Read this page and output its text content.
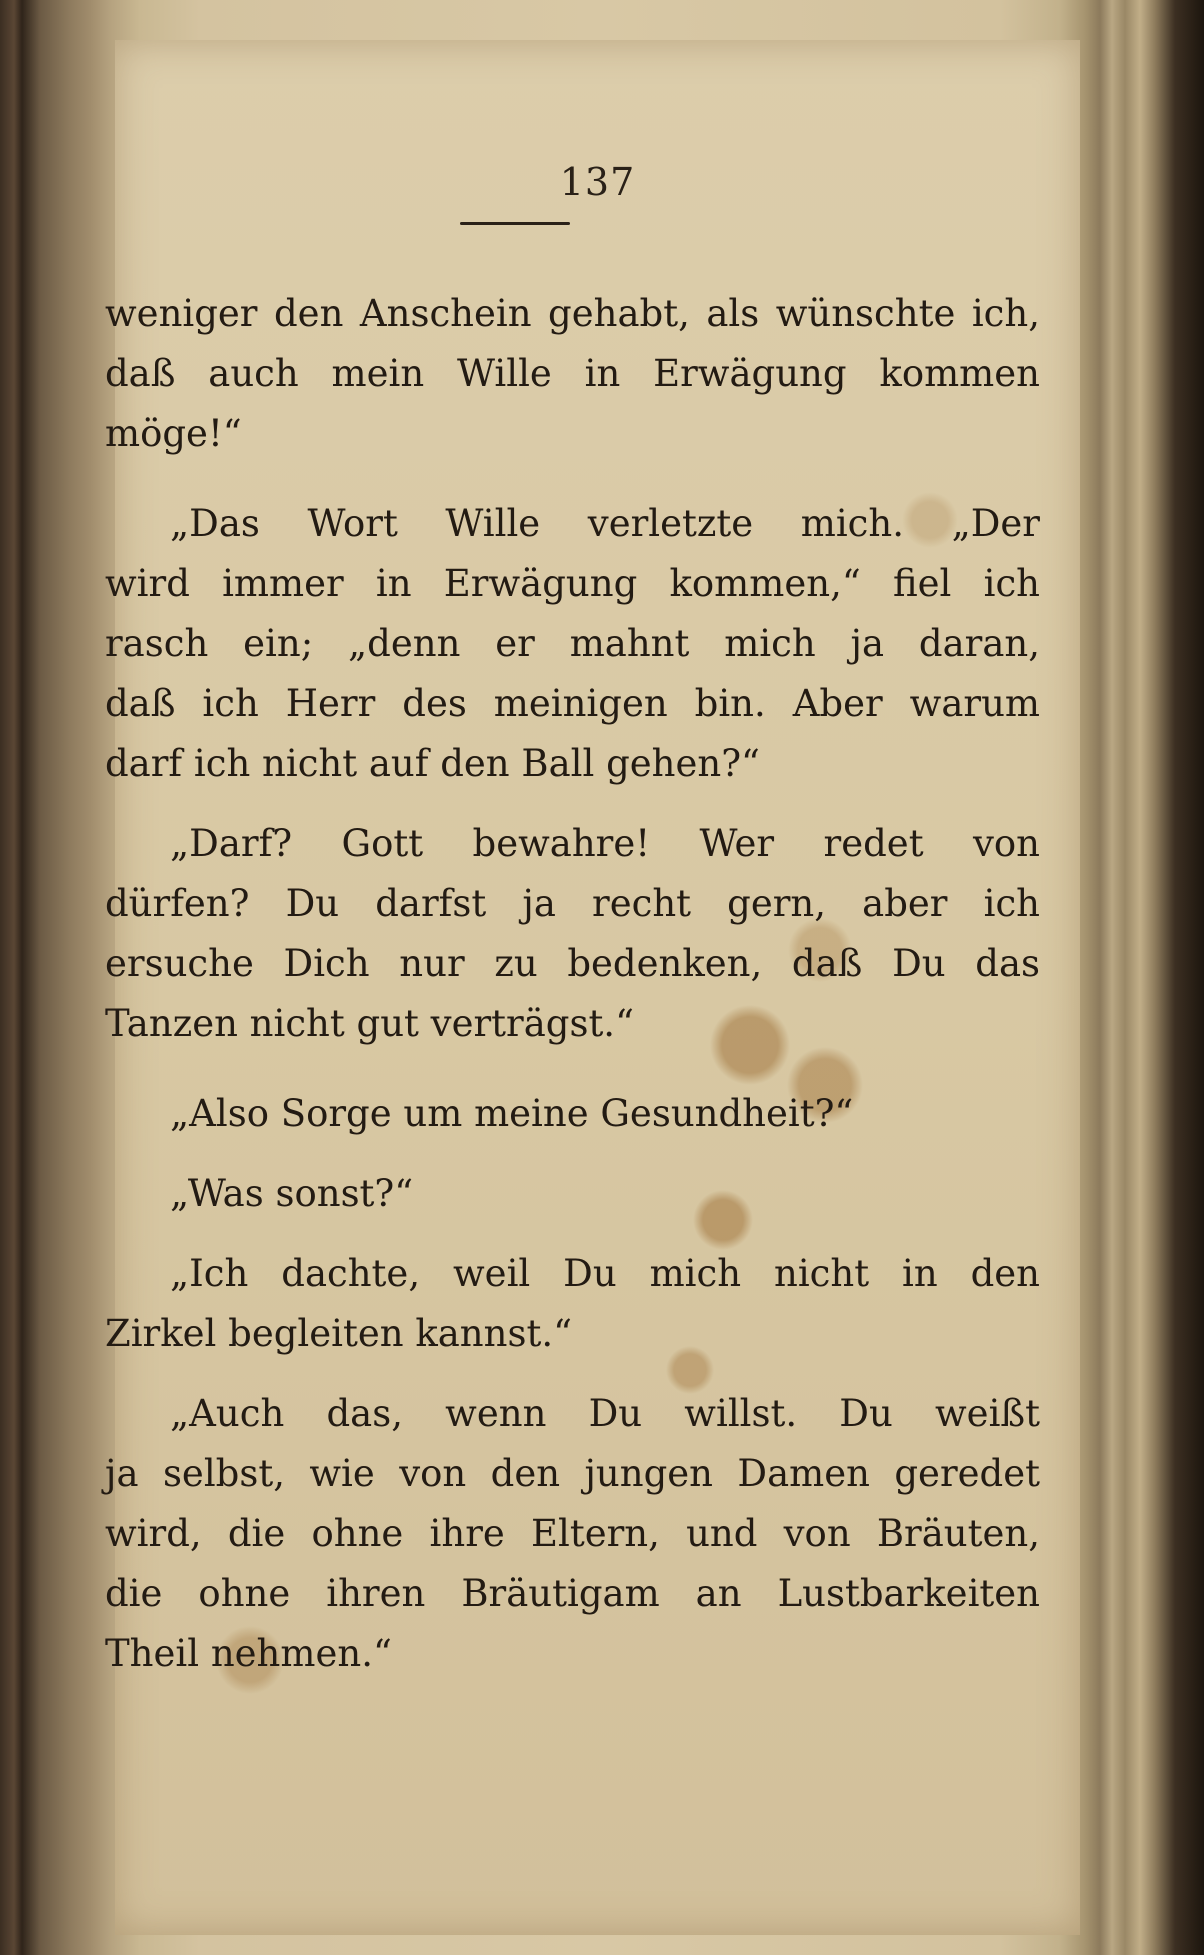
137
weniger den Anschein gehabt, als wünschte ich,
daß auch mein Wille in Erwägung kommen
möge!“
„Das Wort Wille verletzte mich. „Der
wird immer in Erwägung kommen,“ fiel ich
rasch ein; „denn er mahnt mich ja daran,
daß ich Herr des meinigen bin. Aber warum
darf ich nicht auf den Ball gehen?“
„Darf? Gott bewahre! Wer redet von
dürfen? Du darfst ja recht gern, aber ich
ersuche Dich nur zu bedenken, daß Du das
Tanzen nicht gut verträgst.“
„Also Sorge um meine Gesundheit?“
„Was sonst?“
„Ich dachte, weil Du mich nicht in den
Zirkel begleiten kannst.“
„Auch das, wenn Du willst. Du weißt
ja selbst, wie von den jungen Damen geredet
wird, die ohne ihre Eltern, und von Bräuten,
die ohne ihren Bräutigam an Lustbarkeiten
Theil nehmen.“
